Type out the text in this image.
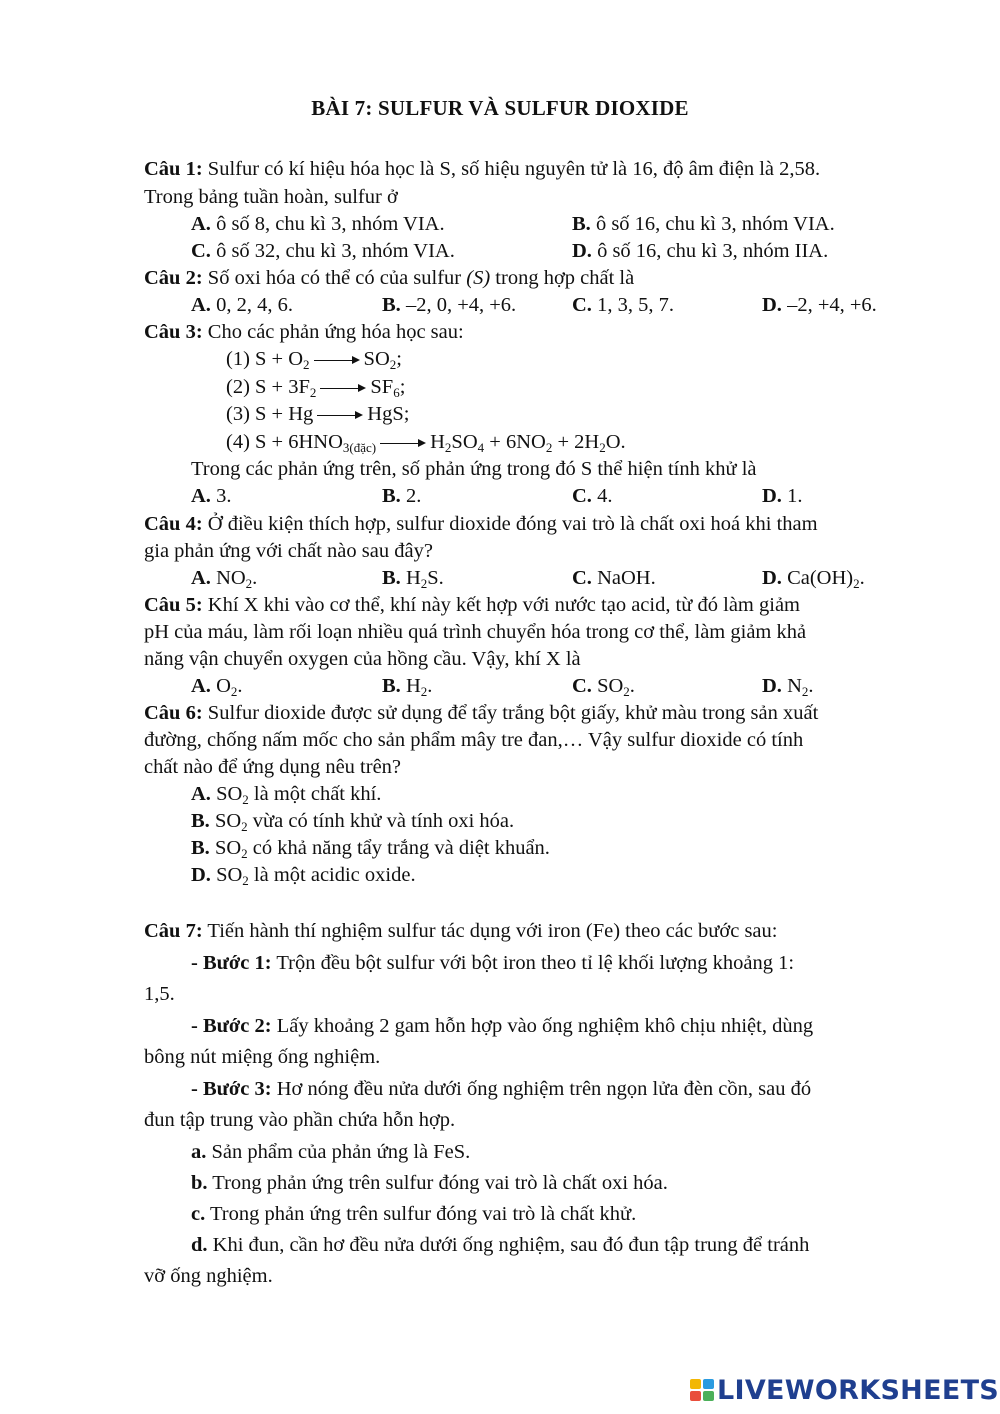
BÀI 7: SULFUR VÀ SULFUR DIOXIDE
Câu 1: Sulfur có kí hiệu hóa học là S, số hiệu nguyên tử là 16, độ âm điện là 2,58.
Trong bảng tuần hoàn, sulfur ở
A. ô số 8, chu kì 3, nhóm VIA.	B. ô số 16, chu kì 3, nhóm VIA.
C. ô số 32, chu kì 3, nhóm VIA.	D. ô số 16, chu kì 3, nhóm IIA.
Câu 2: Số oxi hóa có thể có của sulfur (S) trong hợp chất là
A. 0, 2, 4, 6.	B. –2, 0, +4, +6.	C. 1, 3, 5, 7.	D. –2, +4, +6.
Câu 3: Cho các phản ứng hóa học sau:
(1) $S + O_2$	$SO_2$;
(2) $S + 3F_2$	$SF_6$;
(3) S + Hg	HgS;
(4) $S + 6HNO_{3(đặc)}$	$H_2SO_4 + 6NO_2 + 2H_2O$.
Trong các phản ứng trên, số phản ứng trong đó S thể hiện tính khử là
A. 3.	B. 2.	C. 4.	D. 1.
Câu 4: Ở điều kiện thích hợp, sulfur dioxide đóng vai trò là chất oxi hoá khi tham
gia phản ứng với chất nào sau đây?
A. $NO_2$.	B. $H_2S$.	C. NaOH.	D. $Ca(OH)_2$.
Câu 5: Khí X khi vào cơ thể, khí này kết hợp với nước tạo acid, từ đó làm giảm
pH của máu, làm rối loạn nhiều quá trình chuyển hóa trong cơ thể, làm giảm khả
năng vận chuyển oxygen của hồng cầu. Vậy, khí X là
A. $O_2$.	B. $H_2$.	C. $SO_2$.	D. $N_2$.
Câu 6: Sulfur dioxide được sử dụng để tẩy trắng bột giấy, khử màu trong sản xuất
đường, chống nấm mốc cho sản phẩm mây tre đan,… Vậy sulfur dioxide có tính
chất nào để ứng dụng nêu trên?
A. $SO_2$ là một chất khí.
B. $SO_2$ vừa có tính khử và tính oxi hóa.
B. $SO_2$ có khả năng tẩy trắng và diệt khuẩn.
D. $SO_2$ là một acidic oxide.
Câu 7: Tiến hành thí nghiệm sulfur tác dụng với iron (Fe) theo các bước sau:
- Bước 1: Trộn đều bột sulfur với bột iron theo tỉ lệ khối lượng khoảng 1:
1,5.
- Bước 2: Lấy khoảng 2 gam hỗn hợp vào ống nghiệm khô chịu nhiệt, dùng
bông nút miệng ống nghiệm.
- Bước 3: Hơ nóng đều nửa dưới ống nghiệm trên ngọn lửa đèn cồn, sau đó
đun tập trung vào phần chứa hỗn hợp.
a. Sản phẩm của phản ứng là FeS.
b. Trong phản ứng trên sulfur đóng vai trò là chất oxi hóa.
c. Trong phản ứng trên sulfur đóng vai trò là chất khử.
d. Khi đun, cần hơ đều nửa dưới ống nghiệm, sau đó đun tập trung để tránh
vỡ ống nghiệm.
LIVEWORKSHEETS
